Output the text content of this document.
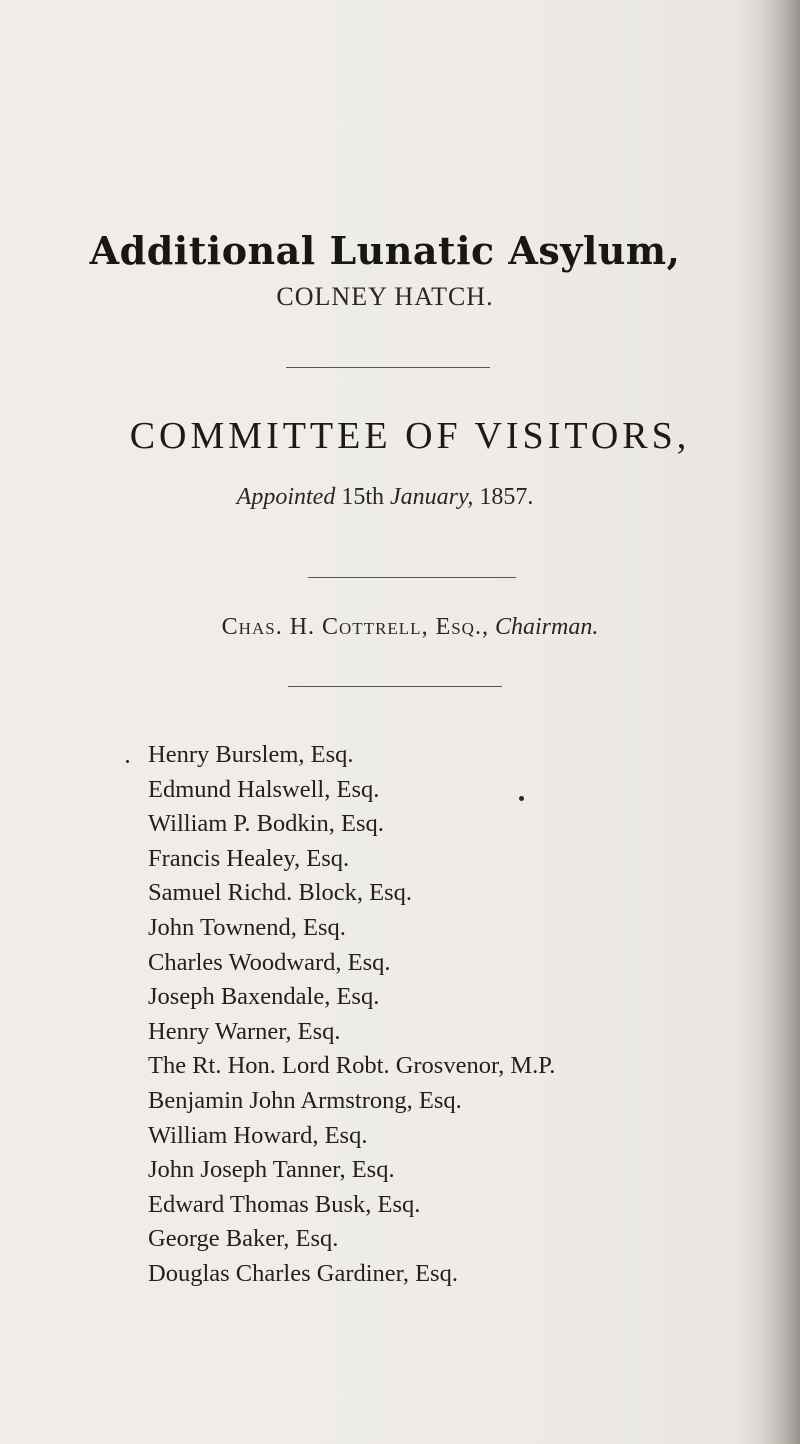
Additional Lunatic Asylum,
COLNEY HATCH.
COMMITTEE OF VISITORS,
Appointed 15th January, 1857.
Chas. H. Cottrell, Esq., Chairman.
Henry Burslem, Esq.
Edmund Halswell, Esq.
William P. Bodkin, Esq.
Francis Healey, Esq.
Samuel Richd. Block, Esq.
John Townend, Esq.
Charles Woodward, Esq.
Joseph Baxendale, Esq.
Henry Warner, Esq.
The Rt. Hon. Lord Robt. Grosvenor, M.P.
Benjamin John Armstrong, Esq.
William Howard, Esq.
John Joseph Tanner, Esq.
Edward Thomas Busk, Esq.
George Baker, Esq.
Douglas Charles Gardiner, Esq.
